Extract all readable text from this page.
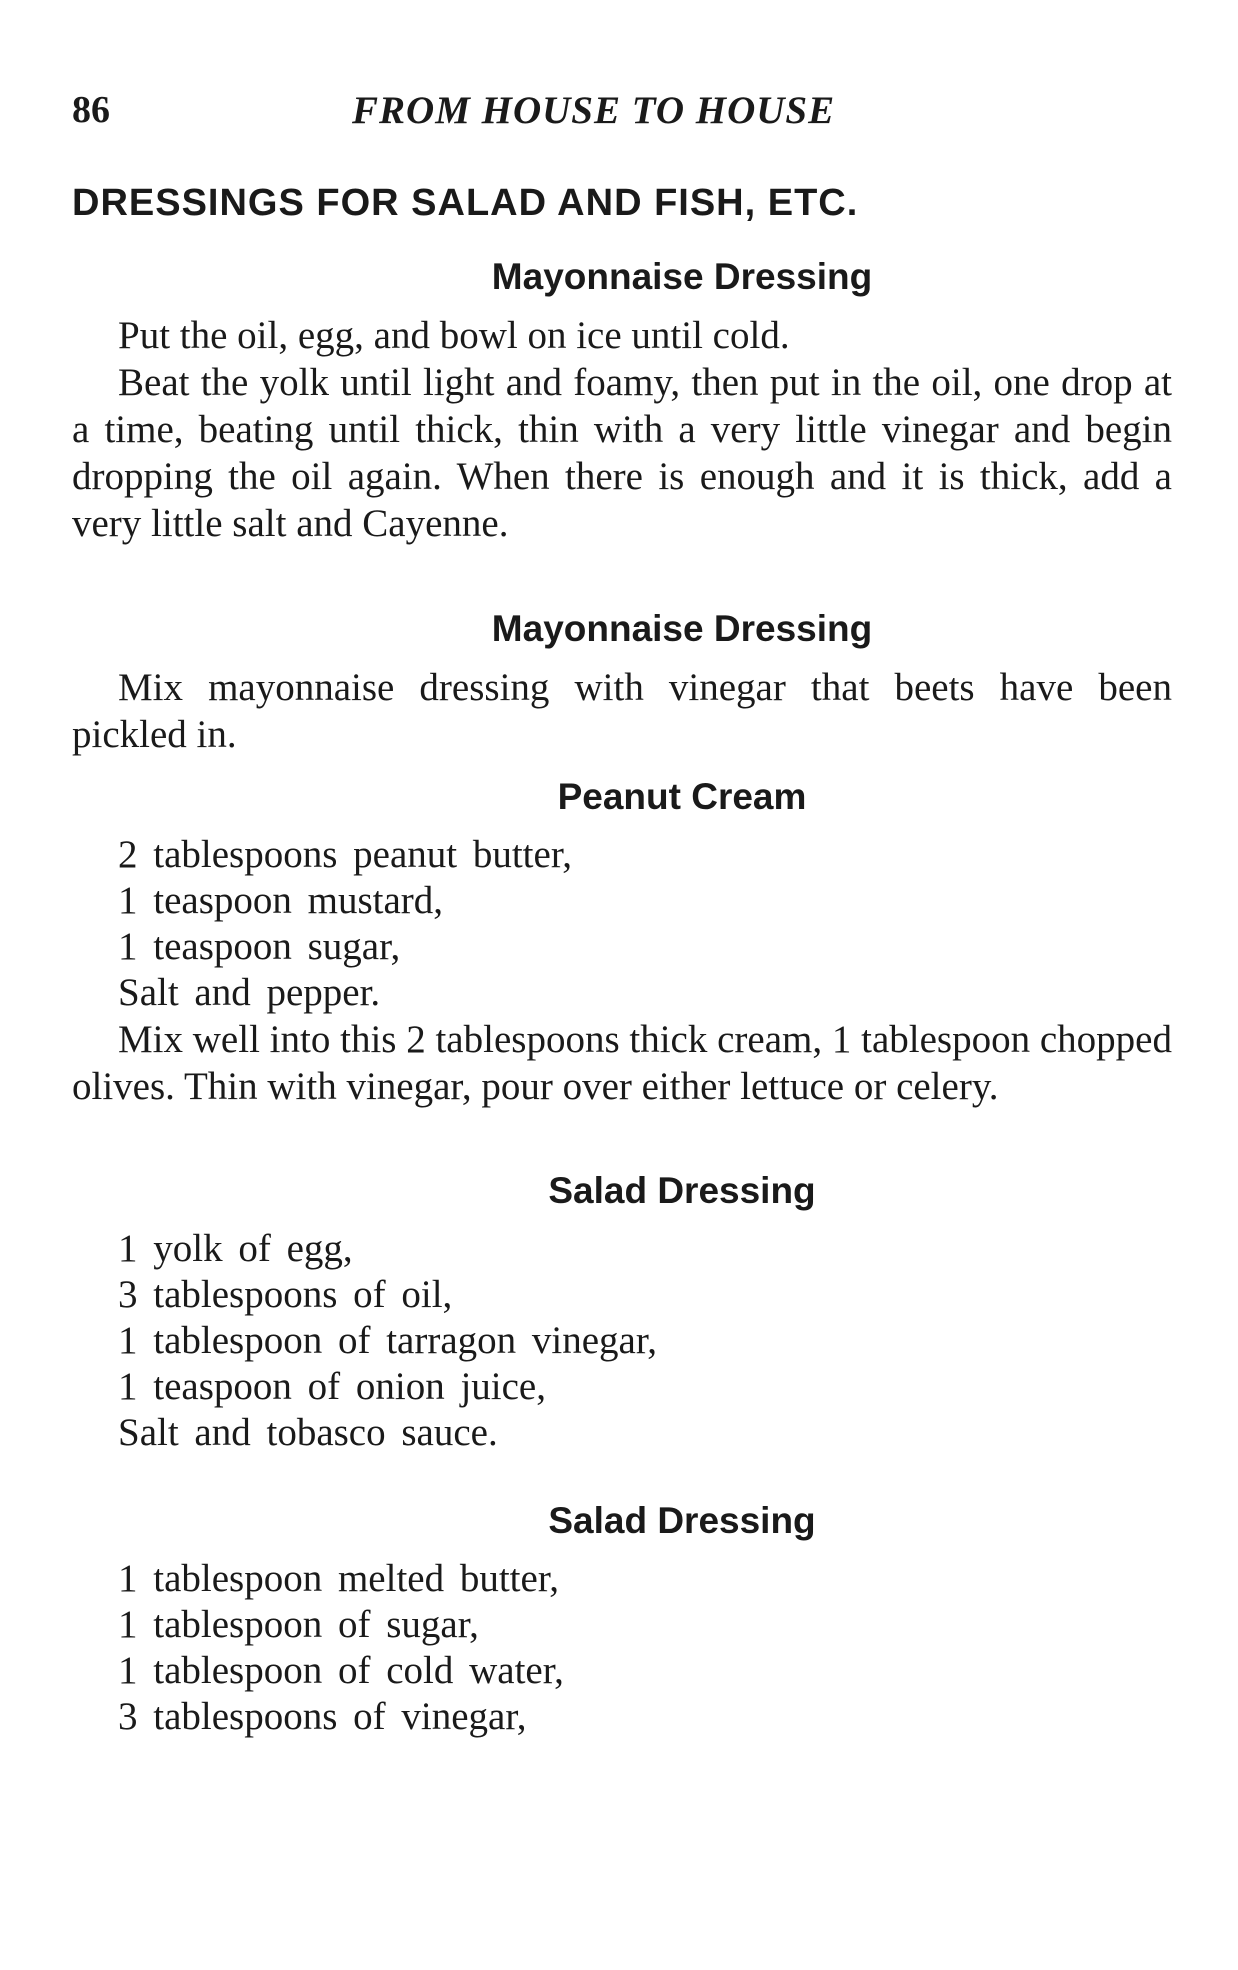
86	FROM HOUSE TO HOUSE
DRESSINGS FOR SALAD AND FISH, ETC.
Mayonnaise Dressing

Put the oil, egg, and bowl on ice until cold.

Beat the yolk until light and foamy, then put in the oil, one drop at a time, beating until thick, thin with a very little vinegar and begin dropping the oil again. When there is enough and it is thick, add a very little salt and Cayenne.

Mayonnaise Dressing

Mix mayonnaise dressing with vinegar that beets have been pickled in.

Peanut Cream
2 tablespoons peanut butter,
1 teaspoon mustard,
1 teaspoon sugar,
Salt and pepper.

Mix well into this 2 tablespoons thick cream, 1 tablespoon chopped olives. Thin with vinegar, pour over either lettuce or celery.

Salad Dressing
1 yolk of egg,
3 tablespoons of oil,
1 tablespoon of tarragon vinegar,
1 teaspoon of onion juice,
Salt and tobasco sauce.
Salad Dressing
1 tablespoon melted butter,
1 tablespoon of sugar,
1 tablespoon of cold water,
3 tablespoons of vinegar,
